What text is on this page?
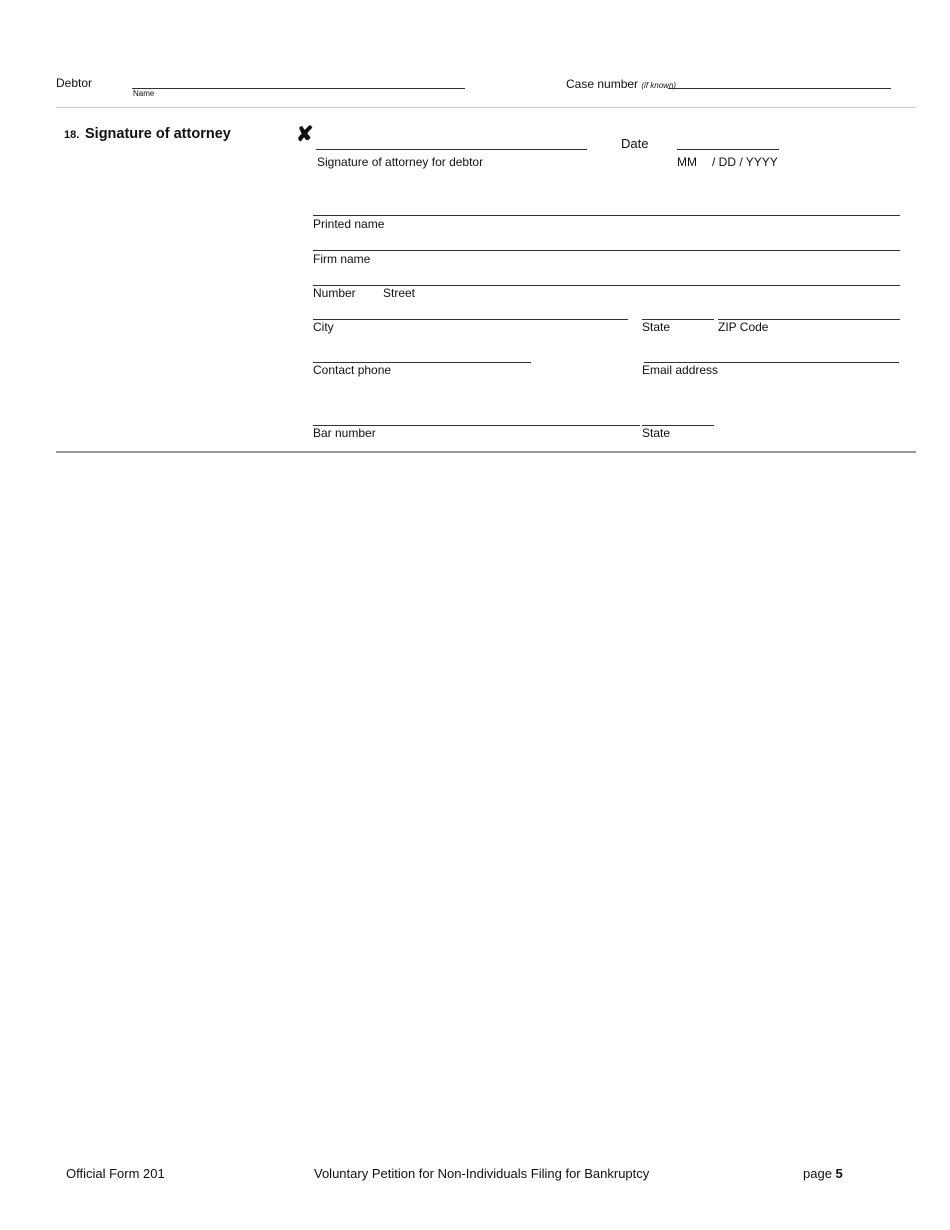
Debtor
Name
Case number (if known)
18. Signature of attorney	✘
Signature of attorney for debtor
Date
MM / DD / YYYY
Printed name
Firm name
Number Street
City	State	ZIP Code
Contact phone	Email address
Bar number	State
Official Form 201	Voluntary Petition for Non-Individuals Filing for Bankruptcy	page 5
